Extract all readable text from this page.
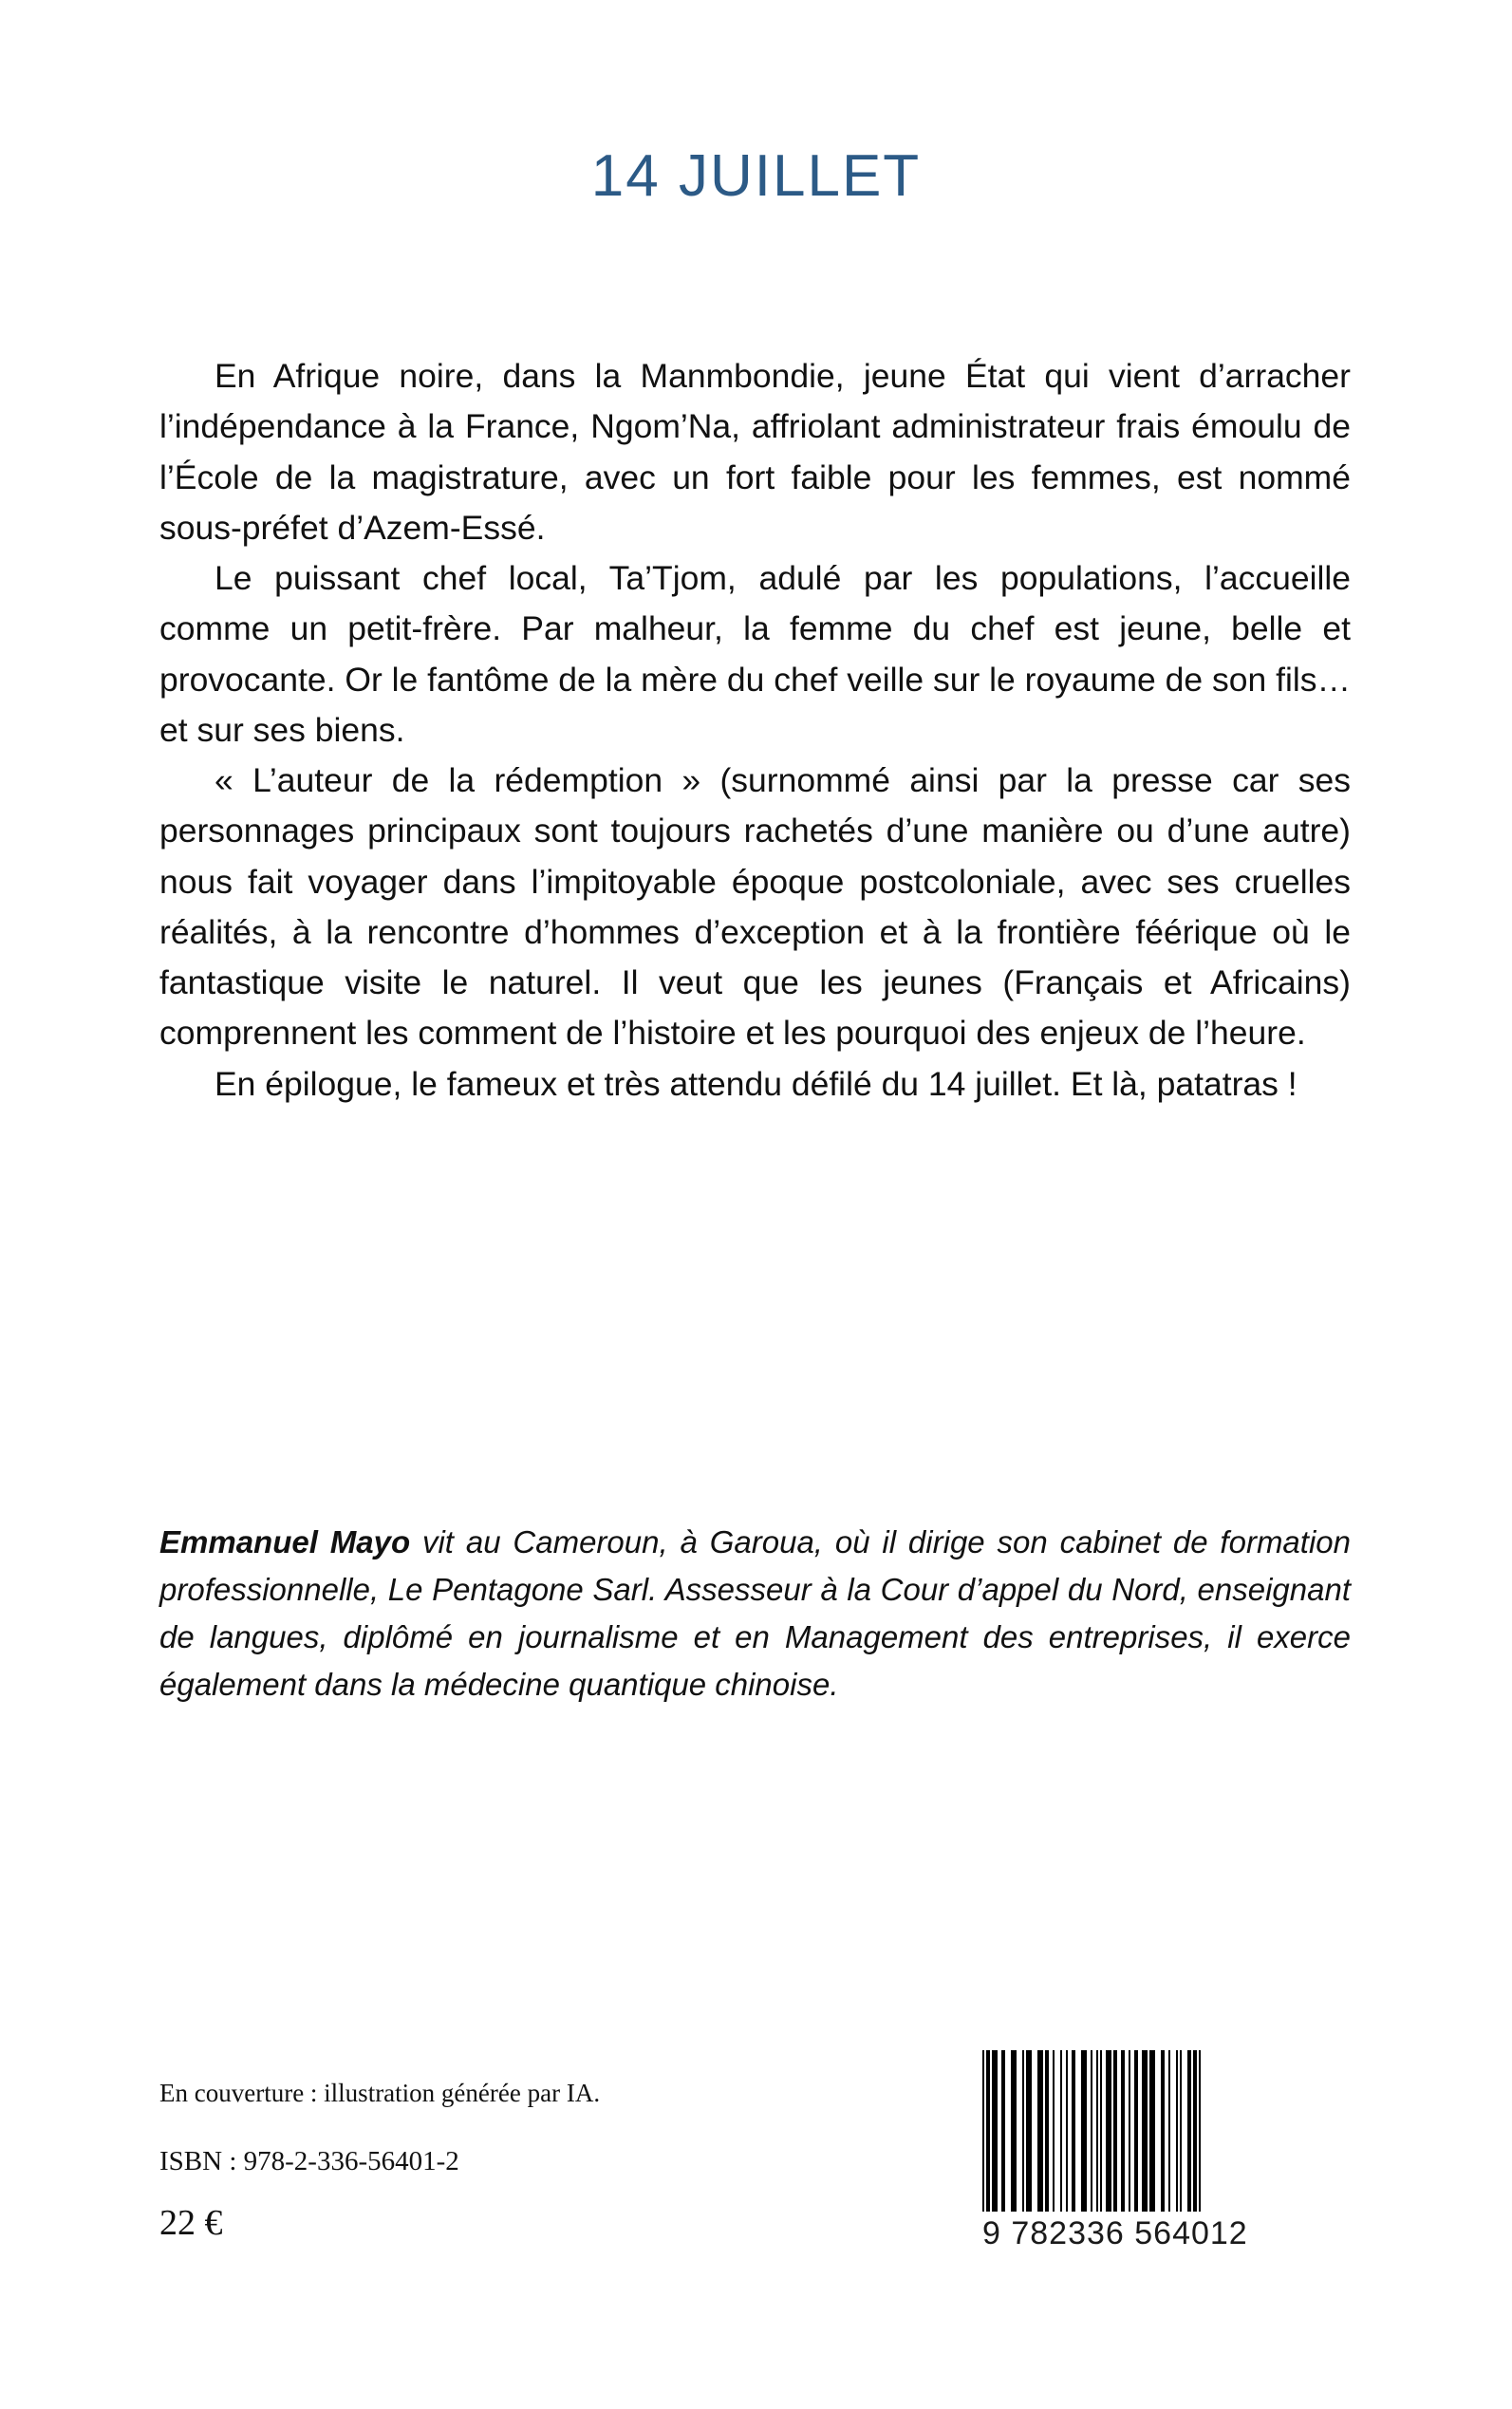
14 JUILLET

En Afrique noire, dans la Manmbondie, jeune État qui vient d’arracher l’indépendance à la France, Ngom’Na, affriolant administrateur frais émoulu de l’École de la magistrature, avec un fort faible pour les femmes, est nommé sous-préfet d’Azem-Essé.

Le puissant chef local, Ta’Tjom, adulé par les populations, l’accueille comme un petit-frère. Par malheur, la femme du chef est jeune, belle et provocante. Or le fantôme de la mère du chef veille sur le royaume de son fils… et sur ses biens.

« L’auteur de la rédemption » (surnommé ainsi par la presse car ses personnages principaux sont toujours rachetés d’une manière ou d’une autre) nous fait voyager dans l’impitoyable époque postcoloniale, avec ses cruelles réalités, à la rencontre d’hommes d’exception et à la frontière féérique où le fantastique visite le naturel. Il veut que les jeunes (Français et Africains) comprennent les comment de l’histoire et les pourquoi des enjeux de l’heure.

En épilogue, le fameux et très attendu défilé du 14 juillet. Et là, patatras !

Emmanuel Mayo vit au Cameroun, à Garoua, où il dirige son cabinet de formation professionnelle, Le Pentagone Sarl. Assesseur à la Cour d’appel du Nord, enseignant de langues, diplômé en journalisme et en Management des entreprises, il exerce également dans la médecine quantique chinoise.
En couverture : illustration générée par IA.
ISBN : 978-2-336-56401-2
22 €	9 782336 564012
